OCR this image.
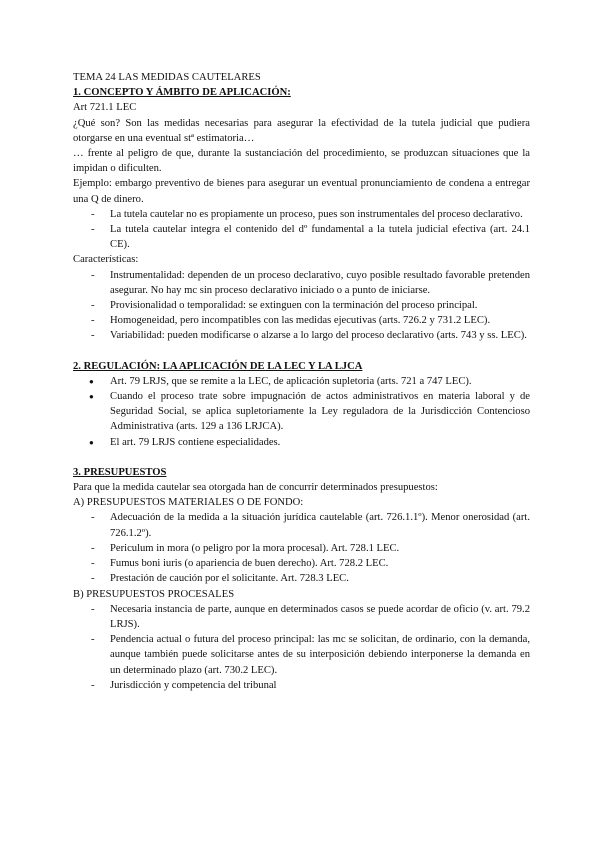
TEMA 24 LAS MEDIDAS CAUTELARES

1. CONCEPTO Y ÁMBITO DE APLICACIÓN:

Art 721.1 LEC

¿Qué son? Son las medidas necesarias para asegurar la efectividad de la tutela judicial que pudiera otorgarse en una eventual stª estimatoria…

… frente al peligro de que, durante la sustanciación del procedimiento, se produzcan situaciones que la impidan o dificulten.

Ejemplo: embargo preventivo de bienes para asegurar un eventual pronunciamiento de condena a entregar una Q de dinero.

- La tutela cautelar no es propiamente un proceso, pues son instrumentales del proceso declarativo.
- La tutela cautelar integra el contenido del dº fundamental a la tutela judicial efectiva (art. 24.1 CE).

Características:

- Instrumentalidad: dependen de un proceso declarativo, cuyo posible resultado favorable pretenden asegurar. No hay mc sin proceso declarativo iniciado o a punto de iniciarse.
- Provisionalidad o temporalidad: se extinguen con la terminación del proceso principal.
- Homogeneidad, pero incompatibles con las medidas ejecutivas (arts. 726.2 y 731.2 LEC).
- Variabilidad: pueden modificarse o alzarse a lo largo del proceso declarativo (arts. 743 y ss. LEC).
2. REGULACIÓN: LA APLICACIÓN DE LA LEC Y LA LJCA
● Art. 79 LRJS, que se remite a la LEC, de aplicación supletoria (arts. 721 a 747 LEC).
● Cuando el proceso trate sobre impugnación de actos administrativos en materia laboral y de Seguridad Social, se aplica supletoriamente la Ley reguladora de la Jurisdicción Contencioso Administrativa (arts. 129 a 136 LRJCA).
● El art. 79 LRJS contiene especialidades.
3. PRESUPUESTOS

Para que la medida cautelar sea otorgada han de concurrir determinados presupuestos:

A) PRESUPUESTOS MATERIALES O DE FONDO:

- Adecuación de la medida a la situación jurídica cautelable (art. 726.1.1º). Menor onerosidad (art. 726.1.2º).
- Periculum in mora (o peligro por la mora procesal). Art. 728.1 LEC.
- Fumus boni iuris (o apariencia de buen derecho). Art. 728.2 LEC.
- Prestación de caución por el solicitante. Art. 728.3 LEC.

B) PRESUPUESTOS PROCESALES

- Necesaria instancia de parte, aunque en determinados casos se puede acordar de oficio (v. art. 79.2 LRJS).
- Pendencia actual o futura del proceso principal: las mc se solicitan, de ordinario, con la demanda, aunque también puede solicitarse antes de su interposición debiendo interponerse la demanda en un determinado plazo (art. 730.2 LEC).
- Jurisdicción y competencia del tribunal
